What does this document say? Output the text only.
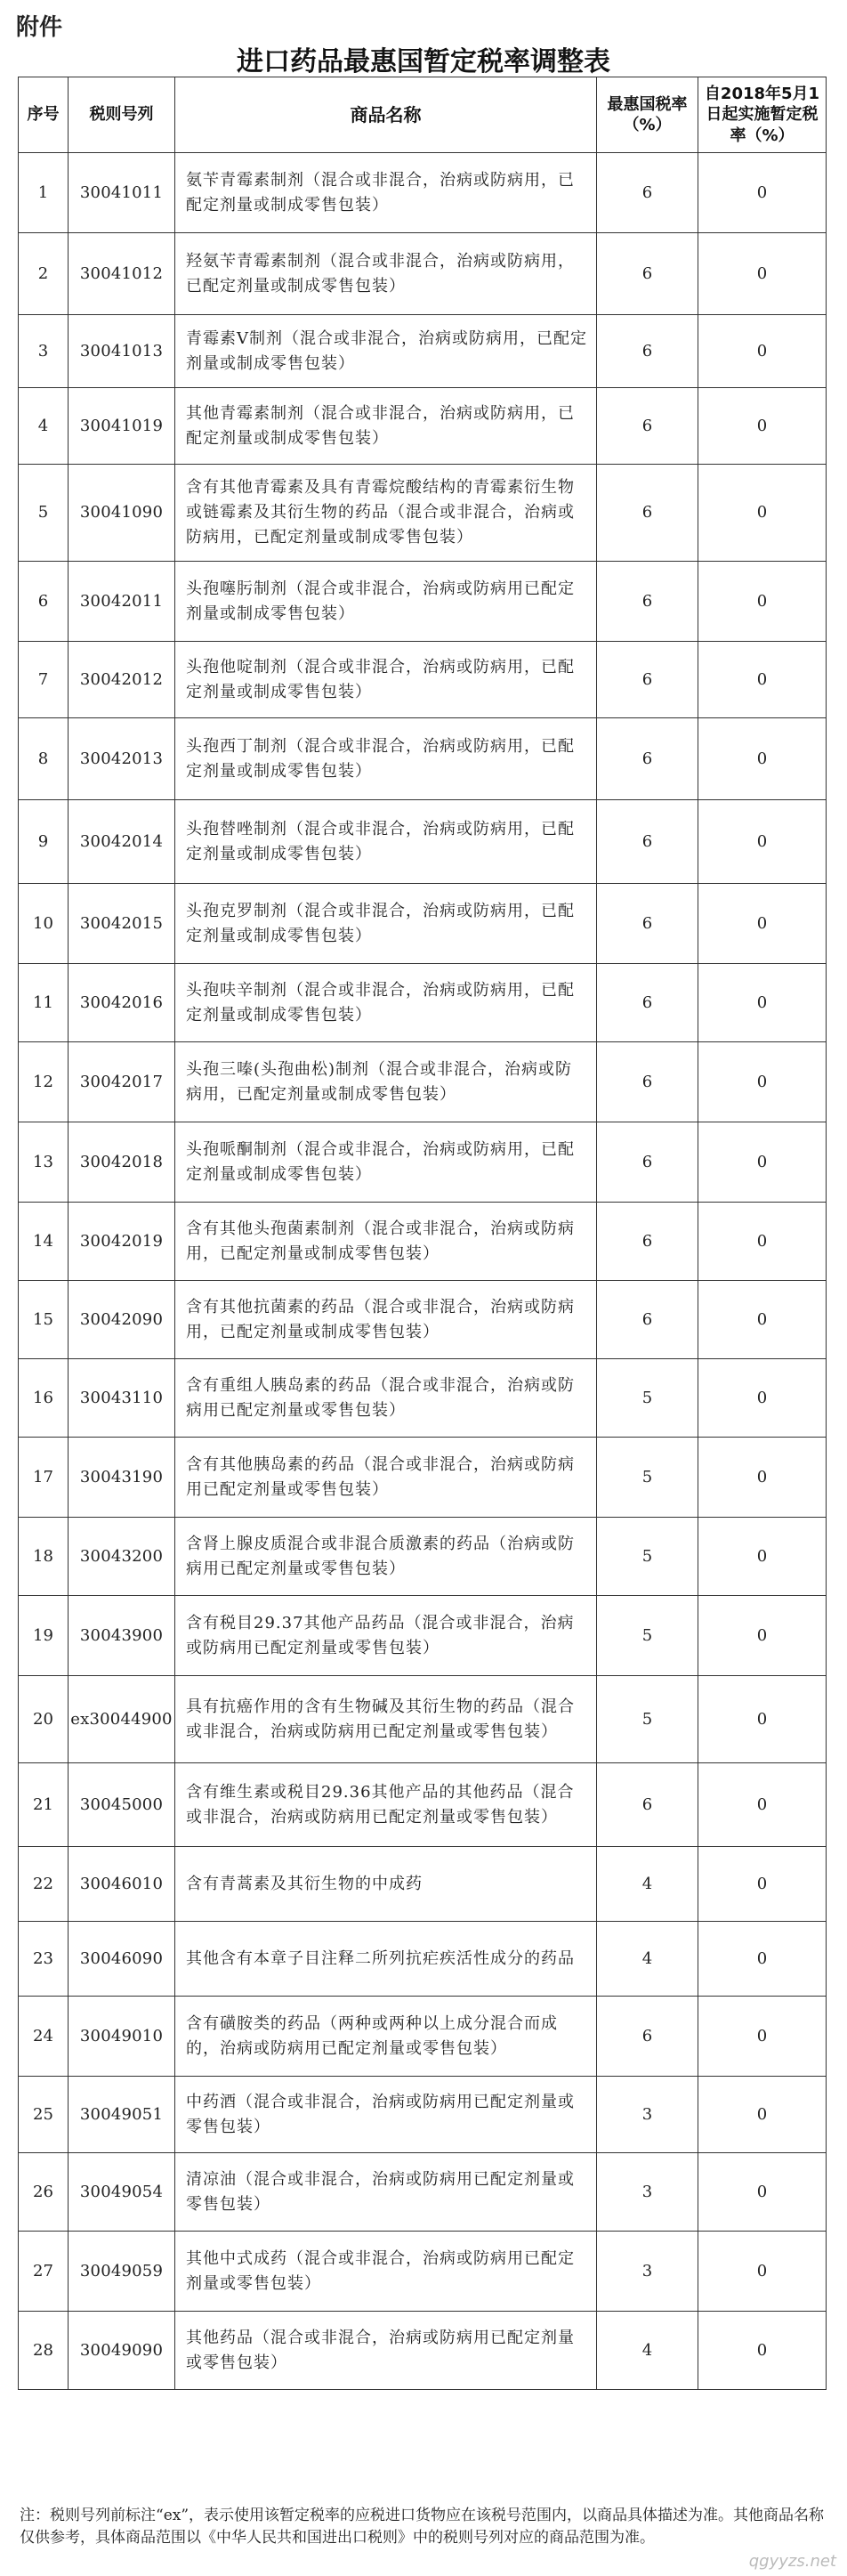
附件
进口药品最惠国暂定税率调整表
序号	税则号列	商品名称	最惠国税率（%）	自2018年5月1日起实施暂定税率（%）
1	30041011	氨苄青霉素制剂（混合或非混合，治病或防病用，已配定剂量或制成零售包装）	6	0
2	30041012	羟氨苄青霉素制剂（混合或非混合，治病或防病用，已配定剂量或制成零售包装）	6	0
3	30041013	青霉素V制剂（混合或非混合，治病或防病用，已配定剂量或制成零售包装）	6	0
4	30041019	其他青霉素制剂（混合或非混合，治病或防病用，已配定剂量或制成零售包装）	6	0
5	30041090	含有其他青霉素及具有青霉烷酸结构的青霉素衍生物或链霉素及其衍生物的药品（混合或非混合，治病或防病用，已配定剂量或制成零售包装）	6	0
6	30042011	头孢噻肟制剂（混合或非混合，治病或防病用已配定剂量或制成零售包装）	6	0
7	30042012	头孢他啶制剂（混合或非混合，治病或防病用，已配定剂量或制成零售包装）	6	0
8	30042013	头孢西丁制剂（混合或非混合，治病或防病用，已配定剂量或制成零售包装）	6	0
9	30042014	头孢替唑制剂（混合或非混合，治病或防病用，已配定剂量或制成零售包装）	6	0
10	30042015	头孢克罗制剂（混合或非混合，治病或防病用，已配定剂量或制成零售包装）	6	0
11	30042016	头孢呋辛制剂（混合或非混合，治病或防病用，已配定剂量或制成零售包装）	6	0
12	30042017	头孢三嗪(头孢曲松)制剂（混合或非混合，治病或防病用，已配定剂量或制成零售包装）	6	0
13	30042018	头孢哌酮制剂（混合或非混合，治病或防病用，已配定剂量或制成零售包装）	6	0
14	30042019	含有其他头孢菌素制剂（混合或非混合，治病或防病用，已配定剂量或制成零售包装）	6	0
15	30042090	含有其他抗菌素的药品（混合或非混合，治病或防病用，已配定剂量或制成零售包装）	6	0
16	30043110	含有重组人胰岛素的药品（混合或非混合，治病或防病用已配定剂量或零售包装）	5	0
17	30043190	含有其他胰岛素的药品（混合或非混合，治病或防病用已配定剂量或零售包装）	5	0
18	30043200	含肾上腺皮质混合或非混合质激素的药品（治病或防病用已配定剂量或零售包装）	5	0
19	30043900	含有税目29.37其他产品药品（混合或非混合，治病或防病用已配定剂量或零售包装）	5	0
20	ex30044900	具有抗癌作用的含有生物碱及其衍生物的药品（混合或非混合，治病或防病用已配定剂量或零售包装）	5	0
21	30045000	含有维生素或税目29.36其他产品的其他药品（混合或非混合，治病或防病用已配定剂量或零售包装）	6	0
22	30046010	含有青蒿素及其衍生物的中成药	4	0
23	30046090	其他含有本章子目注释二所列抗疟疾活性成分的药品	4	0
24	30049010	含有磺胺类的药品（两种或两种以上成分混合而成的，治病或防病用已配定剂量或零售包装）	6	0
25	30049051	中药酒（混合或非混合，治病或防病用已配定剂量或零售包装）	3	0
26	30049054	清凉油（混合或非混合，治病或防病用已配定剂量或零售包装）	3	0
27	30049059	其他中式成药（混合或非混合，治病或防病用已配定剂量或零售包装）	3	0
28	30049090	其他药品（混合或非混合，治病或防病用已配定剂量或零售包装）	4	0
注：税则号列前标注“ex”，表示使用该暂定税率的应税进口货物应在该税号范围内，以商品具体描述为准。其他商品名称仅供参考，具体商品范围以《中华人民共和国进出口税则》中的税则号列对应的商品范围为准。
qgyyzs.net
